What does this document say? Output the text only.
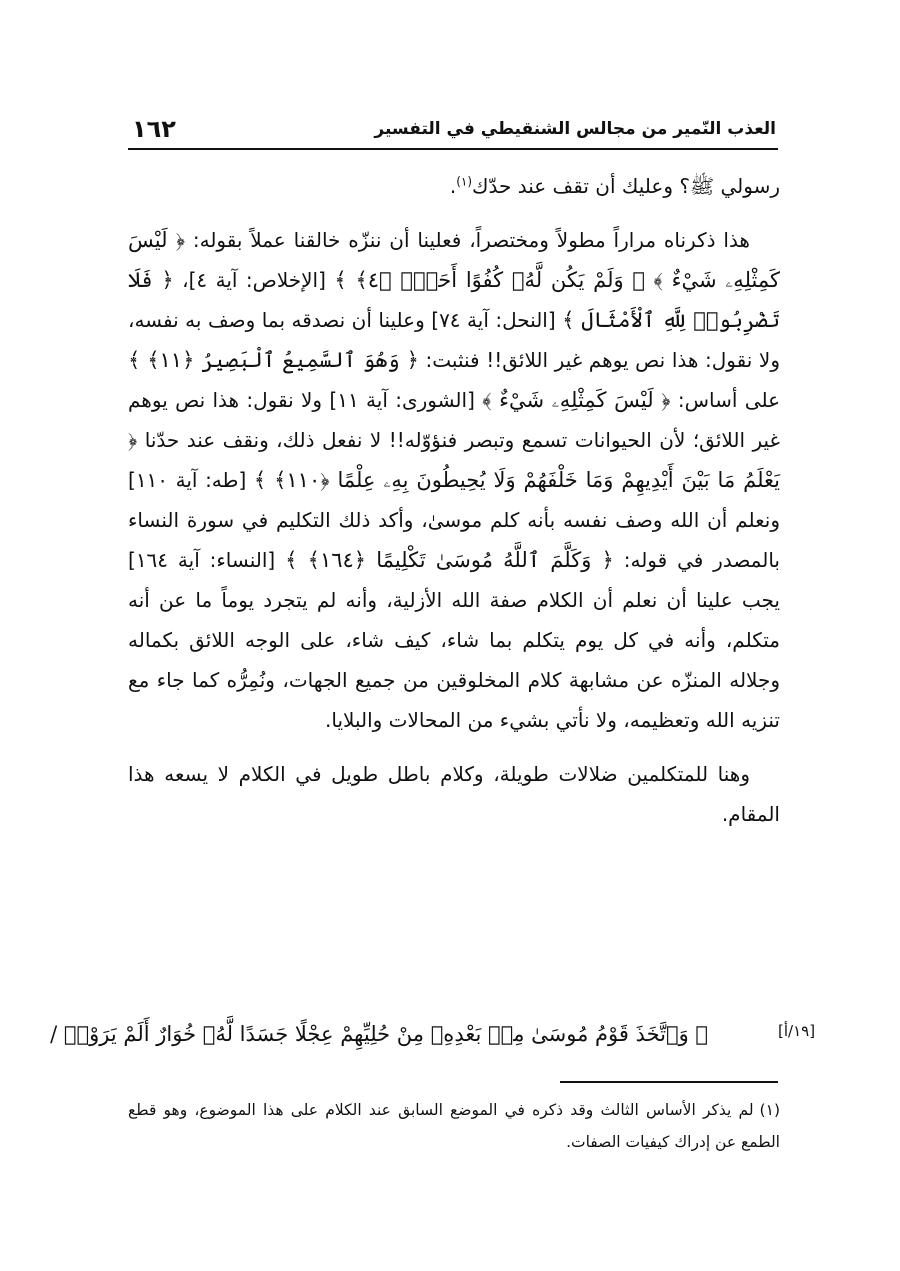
١٦٢	العذب النّمير من مجالس الشنقيطي في التفسير

رسولي ﷺ؟ وعليك أن تقف عند حدّك$^{(١)}$.

هذا ذكرناه مراراً مطولاً ومختصراً، فعلينا أن ننزّه خالقنا عملاً بقوله: ﴿ لَيْسَ كَمِثْلِهِۦ شَيْءٌ ﴾ ﴿ وَلَمْ يَكُن لَّهُۥ كُفُوًا أَحَدٌۢ ﴿٤﴾ ﴾ [الإخلاص: آية ٤]، ﴿ فَلَا تَضْرِبُوا۟ لِلَّهِ ٱلْأَمْثَالَ ﴾ [النحل: آية ٧٤] وعلينا أن نصدقه بما وصف به نفسه، ولا نقول: هذا نص يوهم غير اللائق!! فنثبت: ﴿ وَهُوَ ٱلسَّمِيعُ ٱلْبَصِيرُ ﴿١١﴾ ﴾ على أساس: ﴿ لَيْسَ كَمِثْلِهِۦ شَيْءٌ ﴾ [الشورى: آية ١١] ولا نقول: هذا نص يوهم غير اللائق؛ لأن الحيوانات تسمع وتبصر فنؤوّله!! لا نفعل ذلك، ونقف عند حدّنا ﴿ يَعْلَمُ مَا بَيْنَ أَيْدِيهِمْ وَمَا خَلْفَهُمْ وَلَا يُحِيطُونَ بِهِۦ عِلْمًا ﴿١١٠﴾ ﴾ [طه: آية ١١٠] ونعلم أن الله وصف نفسه بأنه كلم موسىٰ، وأكد ذلك التكليم في سورة النساء بالمصدر في قوله: ﴿ وَكَلَّمَ ٱللَّهُ مُوسَىٰ تَكْلِيمًا ﴿١٦٤﴾ ﴾ [النساء: آية ١٦٤] يجب علينا أن نعلم أن الكلام صفة الله الأزلية، وأنه لم يتجرد يوماً ما عن أنه متكلم، وأنه في كل يوم يتكلم بما شاء، كيف شاء، على الوجه اللائق بكماله وجلاله المنزّه عن مشابهة كلام المخلوقين من جميع الجهات، ونُمِرُّه كما جاء مع تنزيه الله وتعظيمه، ولا نأتي بشيء من المحالات والبلايا.

وهنا للمتكلمين ضلالات طويلة، وكلام باطل طويل في الكلام لا يسعه هذا المقام.

﴿ وَٱتَّخَذَ قَوْمُ مُوسَىٰ مِنۢ بَعْدِهِۦ مِنْ حُلِيِّهِمْ عِجْلًا جَسَدًا لَّهُۥ خُوَارٌ أَلَمْ يَرَوْا۟ /	[١٩/أ]
(١)لم يذكر الأساس الثالث وقد ذكره في الموضع السابق عند الكلام على هذا الموضوع، وهو قطع الطمع عن إدراك كيفيات الصفات.
